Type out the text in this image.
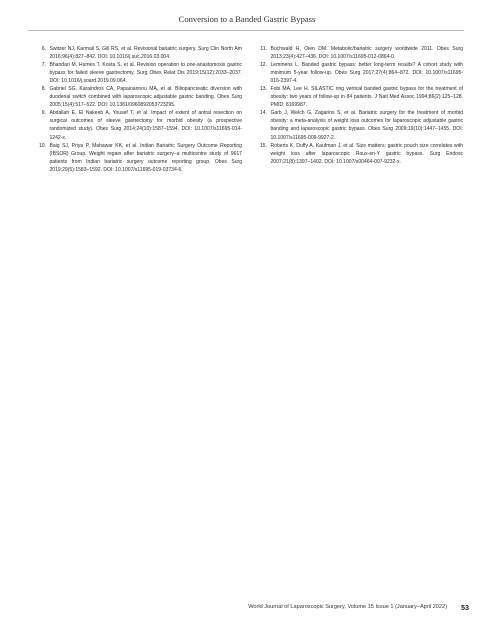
Conversion to a Banded Gastric Bypass
6. Switzer NJ, Karmali S, Gill RS, et al. Revisional bariatric surgery. Surg Clin North Am 2016;96(4):827–842. DOI: 10.1016/j.suc.2016.03.004.
7. Bhandari M, Humes T, Kosta S, et al. Revision operation to one-anastomosis gastric bypass for failed sleeve gastrectomy. Surg Obes Relat Dis 2019;15(12):2033–2037. DOI: 10.1016/j.soard.2019.09.064.
8. Gabriel SG, Karaindros CA, Papaioannou MA, et al. Biliopancreatic diversion with duodenal switch combined with laparoscopic adjustable gastric banding. Obes Surg 2005;15(4):517–522. DOI: 10.1381/0960892053723295.
9. Abdallah E, El Nakeeb A, Yousef T, et al. Impact of extent of antral resection on surgical outcomes of sleeve gastrectomy for morbid obesity (a prospective randomized study). Obes Surg 2014;24(10):1587–1594. DOI: 10.1007/s11695-014-1242-x.
10. Baig SJ, Priya P, Mahawar KK, et al. Indian Bariatric Surgery Outcome Reporting (IBSOR) Group. Weight regain after bariatric surgery–a multicentre study of 9617 patients from Indian bariatric surgery outcome reporting group. Obes Surg 2019;29(5):1583–1592. DOI: 10.1007/s11695-019-03734-6.
11. Buchwald H, Oien DM. Metabolic/bariatric surgery worldwide 2011. Obes Surg 2013;23(4):427–436. DOI: 10.1007/s11695-012-0864-0.
12. Lemmens L. Banded gastric bypass: better long-term results? A cohort study with minimum 5-year follow-up. Obes Surg 2017;27(4):864–872. DOI: 10.1007/s11695-016-2397-4.
13. Fobi MA, Lee H. SILASTIC ring vertical banded gastric bypass for the treatment of obesity: two years of follow-up in 84 patients. J Natl Med Assoc 1994;86(2):125–128. PMID: 8169987.
14. Garb J, Welch G, Zagarins S, et al. Bariatric surgery for the treatment of morbid obesity: a meta-analysis of weight loss outcomes for laparoscopic adjustable gastric banding and laparoscopic gastric bypass. Obes Surg 2009;19(10):1447–1455. DOI: 10.1007/s11695-009-9927-2.
15. Roberts K, Duffy A, Kaufman J, et al. Size matters: gastric pouch size correlates with weight loss after laparoscopic Roux-en-Y gastric bypass. Surg Endosc 2007;21(8):1397–1402. DOI: 10.1007/s00464-007-9232-x.
World Journal of Laparoscopic Surgery, Volume 15 Issue 1 (January–April 2022) 53
